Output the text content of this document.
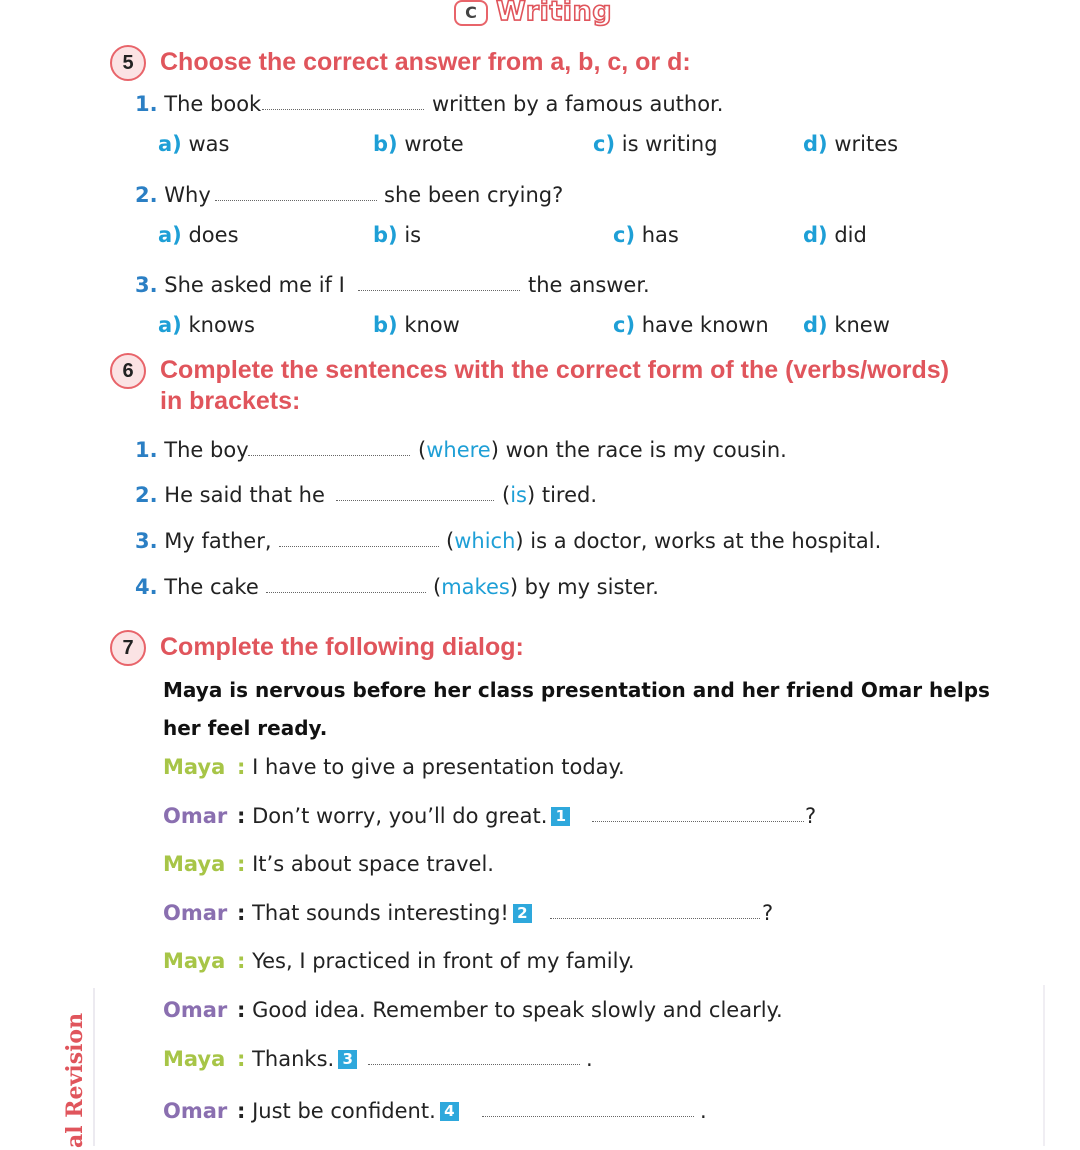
C Writing
5	Choose the correct answer from a, b, c, or d:
1. The book	written by a famous author.
a) was	b) wrote	c) is writing	d) writes
2. Why	she been crying?
a) does	b) is	c) has	d) did
3. She asked me if I	the answer.
a) knows	b) know	c) have known d) knew
6	Complete the sentences with the correct form of the (verbs/words)
in brackets:
1. The boy	(where) won the race is my cousin.
2. He said that he	(is) tired.
3. My father,	(which) is a doctor, works at the hospital.
4. The cake	(makes) by my sister.
7	Complete the following dialog:
Maya is nervous before her class presentation and her friend Omar helps
her feel ready.
Maya : I have to give a presentation today.
Omar : Don’t worry, you’ll do great. 1	?
Maya : It’s about space travel.
Omar : That sounds interesting! 2	?
Maya : Yes, I practiced in front of my family.
Omar : Good idea. Remember to speak slowly and clearly.
Maya : Thanks. 3	.
Omar : Just be confident. 4	.
al Revision
